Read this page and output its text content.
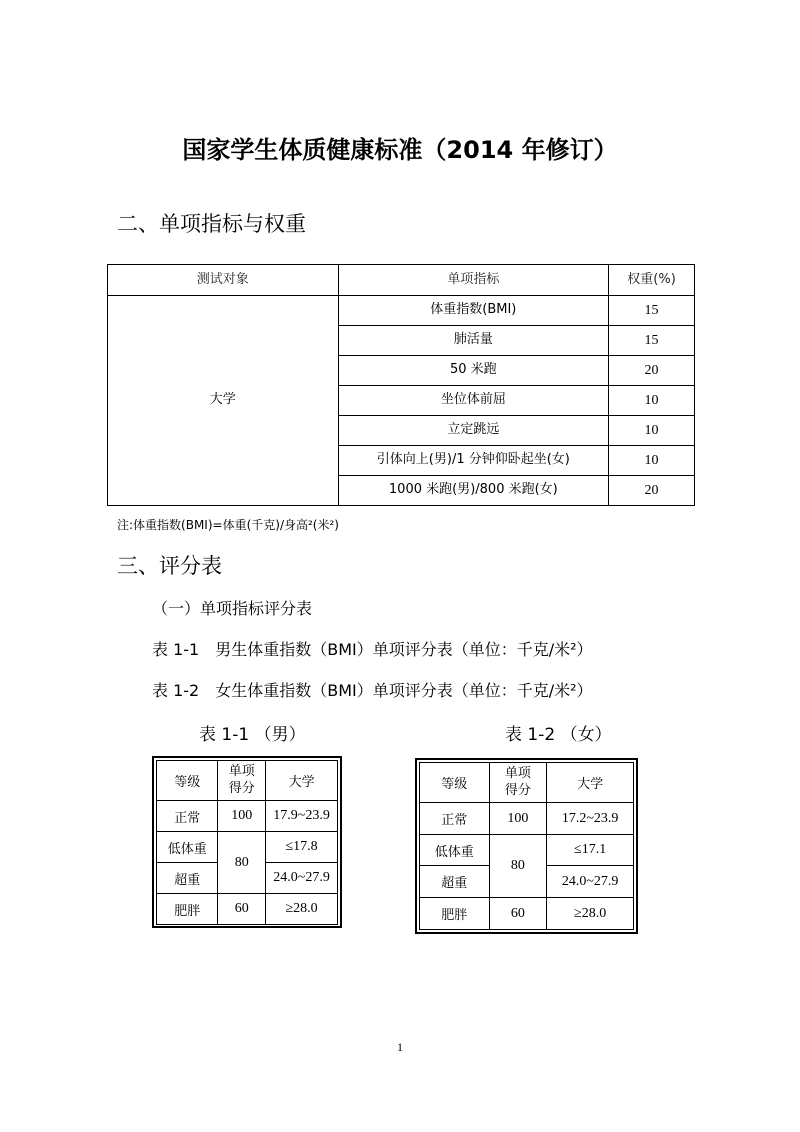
国家学生体质健康标准（2014 年修订）
二、单项指标与权重
测试对象	单项指标	权重(%)
大学	体重指数(BMI)	15
	肺活量	15
	50 米跑	20
	坐位体前屈	10
	立定跳远	10
	引体向上(男)/1 分钟仰卧起坐(女)	10
	1000 米跑(男)/800 米跑(女)	20
注:体重指数(BMI)=体重(千克)/身高²(米²)
三、评分表
（一）单项指标评分表
表 1-1　男生体重指数（BMI）单项评分表（单位：千克/米²）
表 1-2　女生体重指数（BMI）单项评分表（单位：千克/米²）
表 1-1 （男）	表 1-2 （女）
等级	单项得分	大学
正常	100	17.9~23.9
低体重	80	≤17.8
超重		24.0~27.9
肥胖	60	≥28.0
等级	单项得分	大学
正常	100	17.2~23.9
低体重	80	≤17.1
超重		24.0~27.9
肥胖	60	≥28.0
1
